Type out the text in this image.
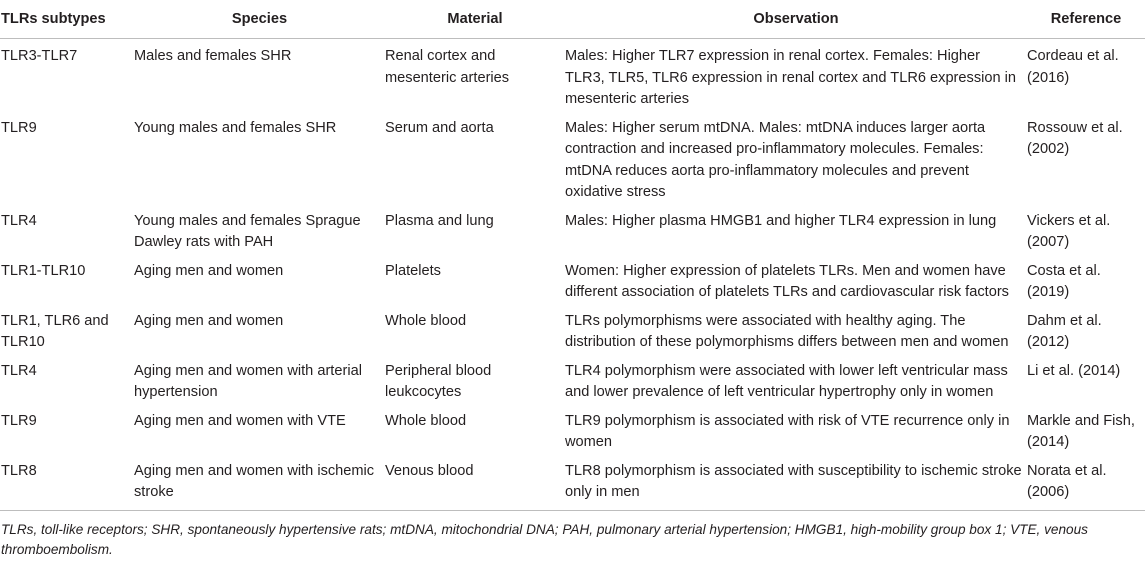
TLRs subtypes	Species	Material	Observation	Reference
TLR3-TLR7	Males and females SHR	Renal cortex and mesenteric arteries	Males: Higher TLR7 expression in renal cortex. Females: Higher TLR3, TLR5, TLR6 expression in renal cortex and TLR6 expression in mesenteric arteries	Cordeau et al. (2016)
TLR9	Young males and females SHR	Serum and aorta	Males: Higher serum mtDNA. Males: mtDNA induces larger aorta contraction and increased pro-inflammatory molecules. Females: mtDNA reduces aorta pro-inflammatory molecules and prevent oxidative stress	Rossouw et al. (2002)
TLR4	Young males and females Sprague Dawley rats with PAH	Plasma and lung	Males: Higher plasma HMGB1 and higher TLR4 expression in lung	Vickers et al. (2007)
TLR1-TLR10	Aging men and women	Platelets	Women: Higher expression of platelets TLRs. Men and women have different association of platelets TLRs and cardiovascular risk factors	Costa et al. (2019)
TLR1, TLR6 and TLR10	Aging men and women	Whole blood	TLRs polymorphisms were associated with healthy aging. The distribution of these polymorphisms differs between men and women	Dahm et al. (2012)
TLR4	Aging men and women with arterial hypertension	Peripheral blood leukcocytes	TLR4 polymorphism were associated with lower left ventricular mass and lower prevalence of left ventricular hypertrophy only in women	Li et al. (2014)
TLR9	Aging men and women with VTE	Whole blood	TLR9 polymorphism is associated with risk of VTE recurrence only in women	Markle and Fish, (2014)
TLR8	Aging men and women with ischemic stroke	Venous blood	TLR8 polymorphism is associated with susceptibility to ischemic stroke only in men	Norata et al. (2006)
TLRs, toll-like receptors; SHR, spontaneously hypertensive rats; mtDNA, mitochondrial DNA; PAH, pulmonary arterial hypertension; HMGB1, high-mobility group box 1; VTE, venous thromboembolism.
